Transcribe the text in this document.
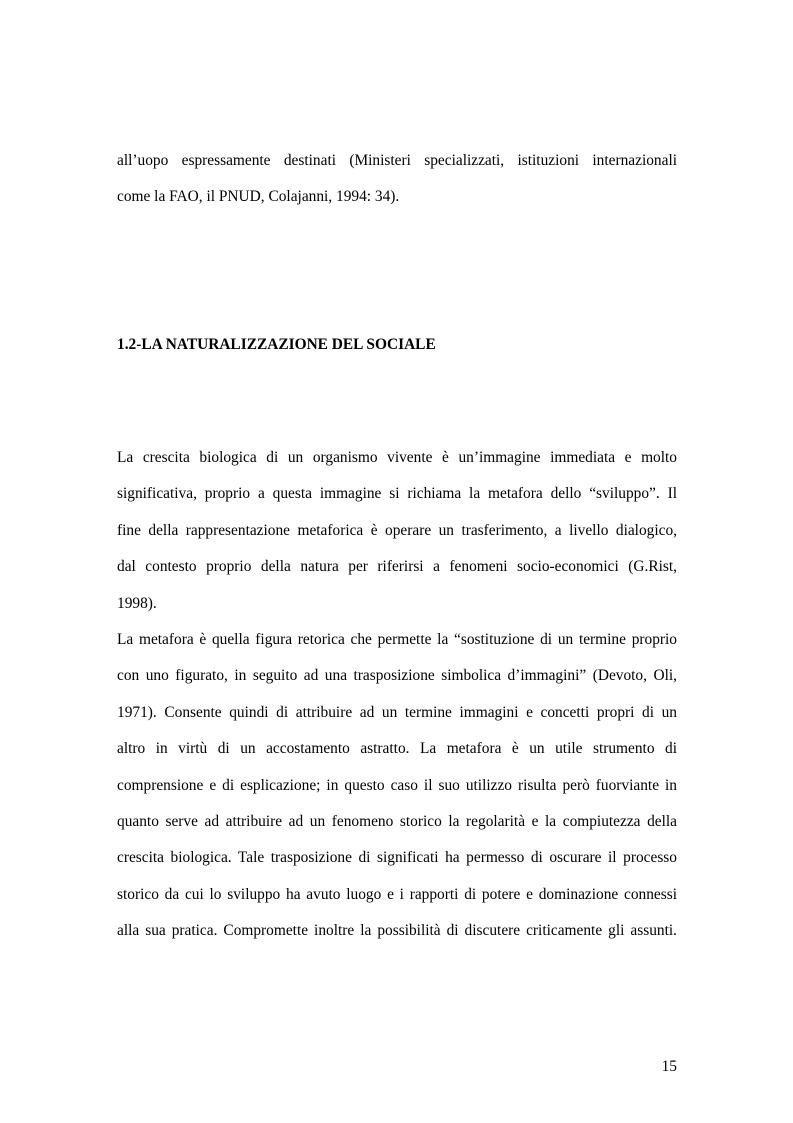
all’uopo espressamente destinati (Ministeri specializzati, istituzioni internazionali
come la FAO, il PNUD, Colajanni, 1994: 34).
1.2-LA NATURALIZZAZIONE DEL SOCIALE
La crescita biologica di un organismo vivente è un’immagine immediata e molto
significativa, proprio a questa immagine si richiama la metafora dello “sviluppo”. Il
fine della rappresentazione metaforica è operare un trasferimento, a livello dialogico,
dal contesto proprio della natura per riferirsi a fenomeni socio-economici (G.Rist,
1998).
La metafora è quella figura retorica che permette la “sostituzione di un termine proprio
con uno figurato, in seguito ad una trasposizione simbolica d’immagini” (Devoto, Oli,
1971). Consente quindi di attribuire ad un termine immagini e concetti propri di un
altro in virtù di un accostamento astratto. La metafora è un utile strumento di
comprensione e di esplicazione; in questo caso il suo utilizzo risulta però fuorviante in
quanto serve ad attribuire ad un fenomeno storico la regolarità e la compiutezza della
crescita biologica. Tale trasposizione di significati ha permesso di oscurare il processo
storico da cui lo sviluppo ha avuto luogo e i rapporti di potere e dominazione connessi
alla sua pratica. Compromette inoltre la possibilità di discutere criticamente gli assunti.
15
